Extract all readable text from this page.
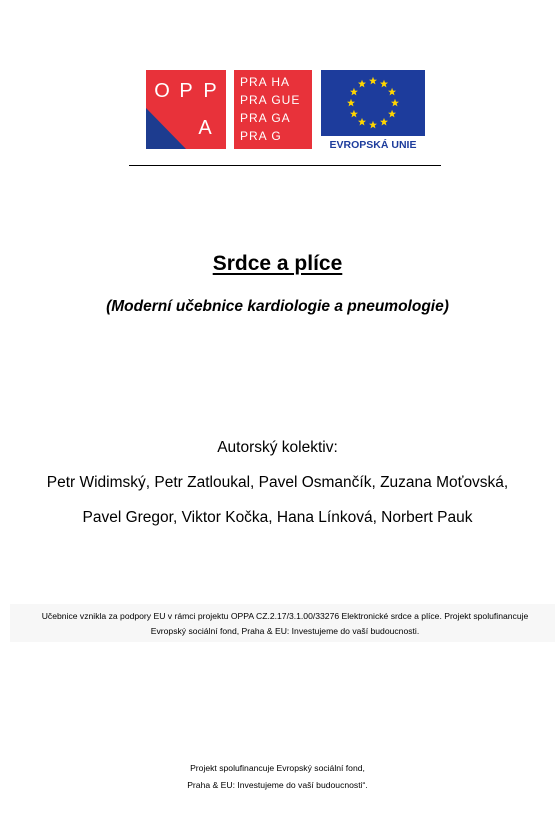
O P P
A
PRA HA
PRA GUE
PRA GA
PRA G
EVROPSKÁ UNIE
Srdce a plíce
(Moderní učebnice kardiologie a pneumologie)
Autorský kolektiv:
Petr Widimský, Petr Zatloukal, Pavel Osmančík, Zuzana Moťovská,
Pavel Gregor, Viktor Kočka, Hana Línková, Norbert Pauk
Učebnice vznikla za podpory EU v rámci projektu OPPA CZ.2.17/3.1.00/33276 Elektronické srdce a plíce. Projekt spolufinancuje
Evropský sociální fond, Praha & EU: Investujeme do vaší budoucnosti.
Projekt spolufinancuje Evropský sociální fond,
Praha & EU: Investujeme do vaší budoucnosti“.
